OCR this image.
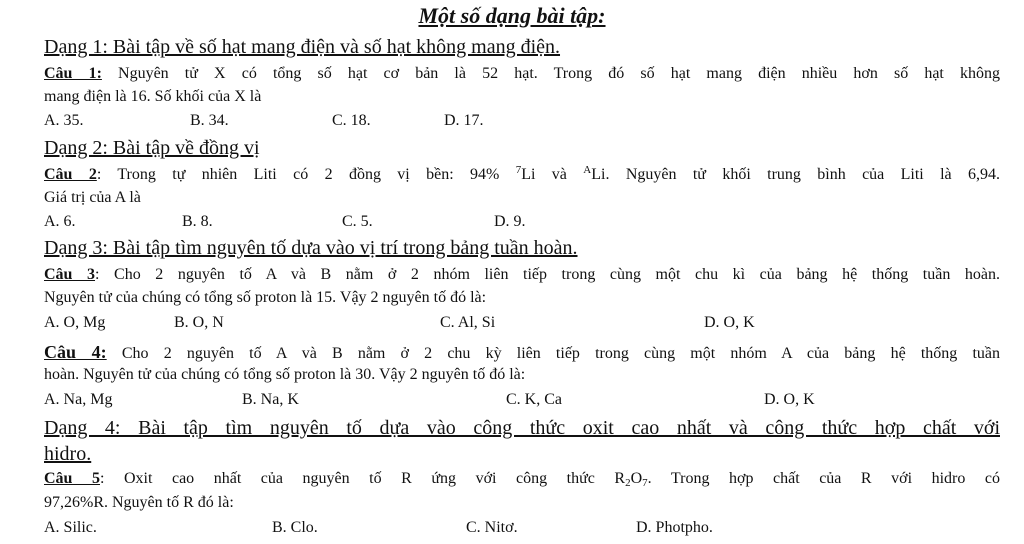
Một số dạng bài tập:
Dạng 1: Bài tập về số hạt mang điện và số hạt không mang điện.
Câu 1: Nguyên tử X có tổng số hạt cơ bản là 52 hạt. Trong đó số hạt mang điện nhiều hơn số hạt không
mang điện là 16. Số khối của X là
A. 35.	B. 34.	C. 18.	D. 17.
Dạng 2: Bài tập về đồng vị
Câu 2: Trong tự nhiên Liti có 2 đồng vị bền: 94% $^7$Li và $^A$Li. Nguyên tử khối trung bình của Liti là 6,94.
Giá trị của A là
A. 6.	B. 8.	C. 5.	D. 9.
Dạng 3: Bài tập tìm nguyên tố dựa vào vị trí trong bảng tuần hoàn.
Câu 3: Cho 2 nguyên tố A và B nằm ở 2 nhóm liên tiếp trong cùng một chu kì của bảng hệ thống tuần hoàn.
Nguyên tử của chúng có tổng số proton là 15. Vậy 2 nguyên tố đó là:
A. O, Mg	B. O, N	C. Al, Si	D. O, K
Câu 4: Cho 2 nguyên tố A và B nằm ở 2 chu kỳ liên tiếp trong cùng một nhóm A của bảng hệ thống tuần
hoàn. Nguyên tử của chúng có tổng số proton là 30. Vậy 2 nguyên tố đó là:
A. Na, Mg	B. Na, K	C. K, Ca	D. O, K
Dạng 4: Bài tập tìm nguyên tố dựa vào công thức oxit cao nhất và công thức hợp chất với
hidro.
Câu 5: Oxit cao nhất của nguyên tố R ứng với công thức $R_2O_7$. Trong hợp chất của R với hidro có
97,26%R. Nguyên tố R đó là:
A. Silic.	B. Clo.	C. Nitơ.	D. Photpho.
